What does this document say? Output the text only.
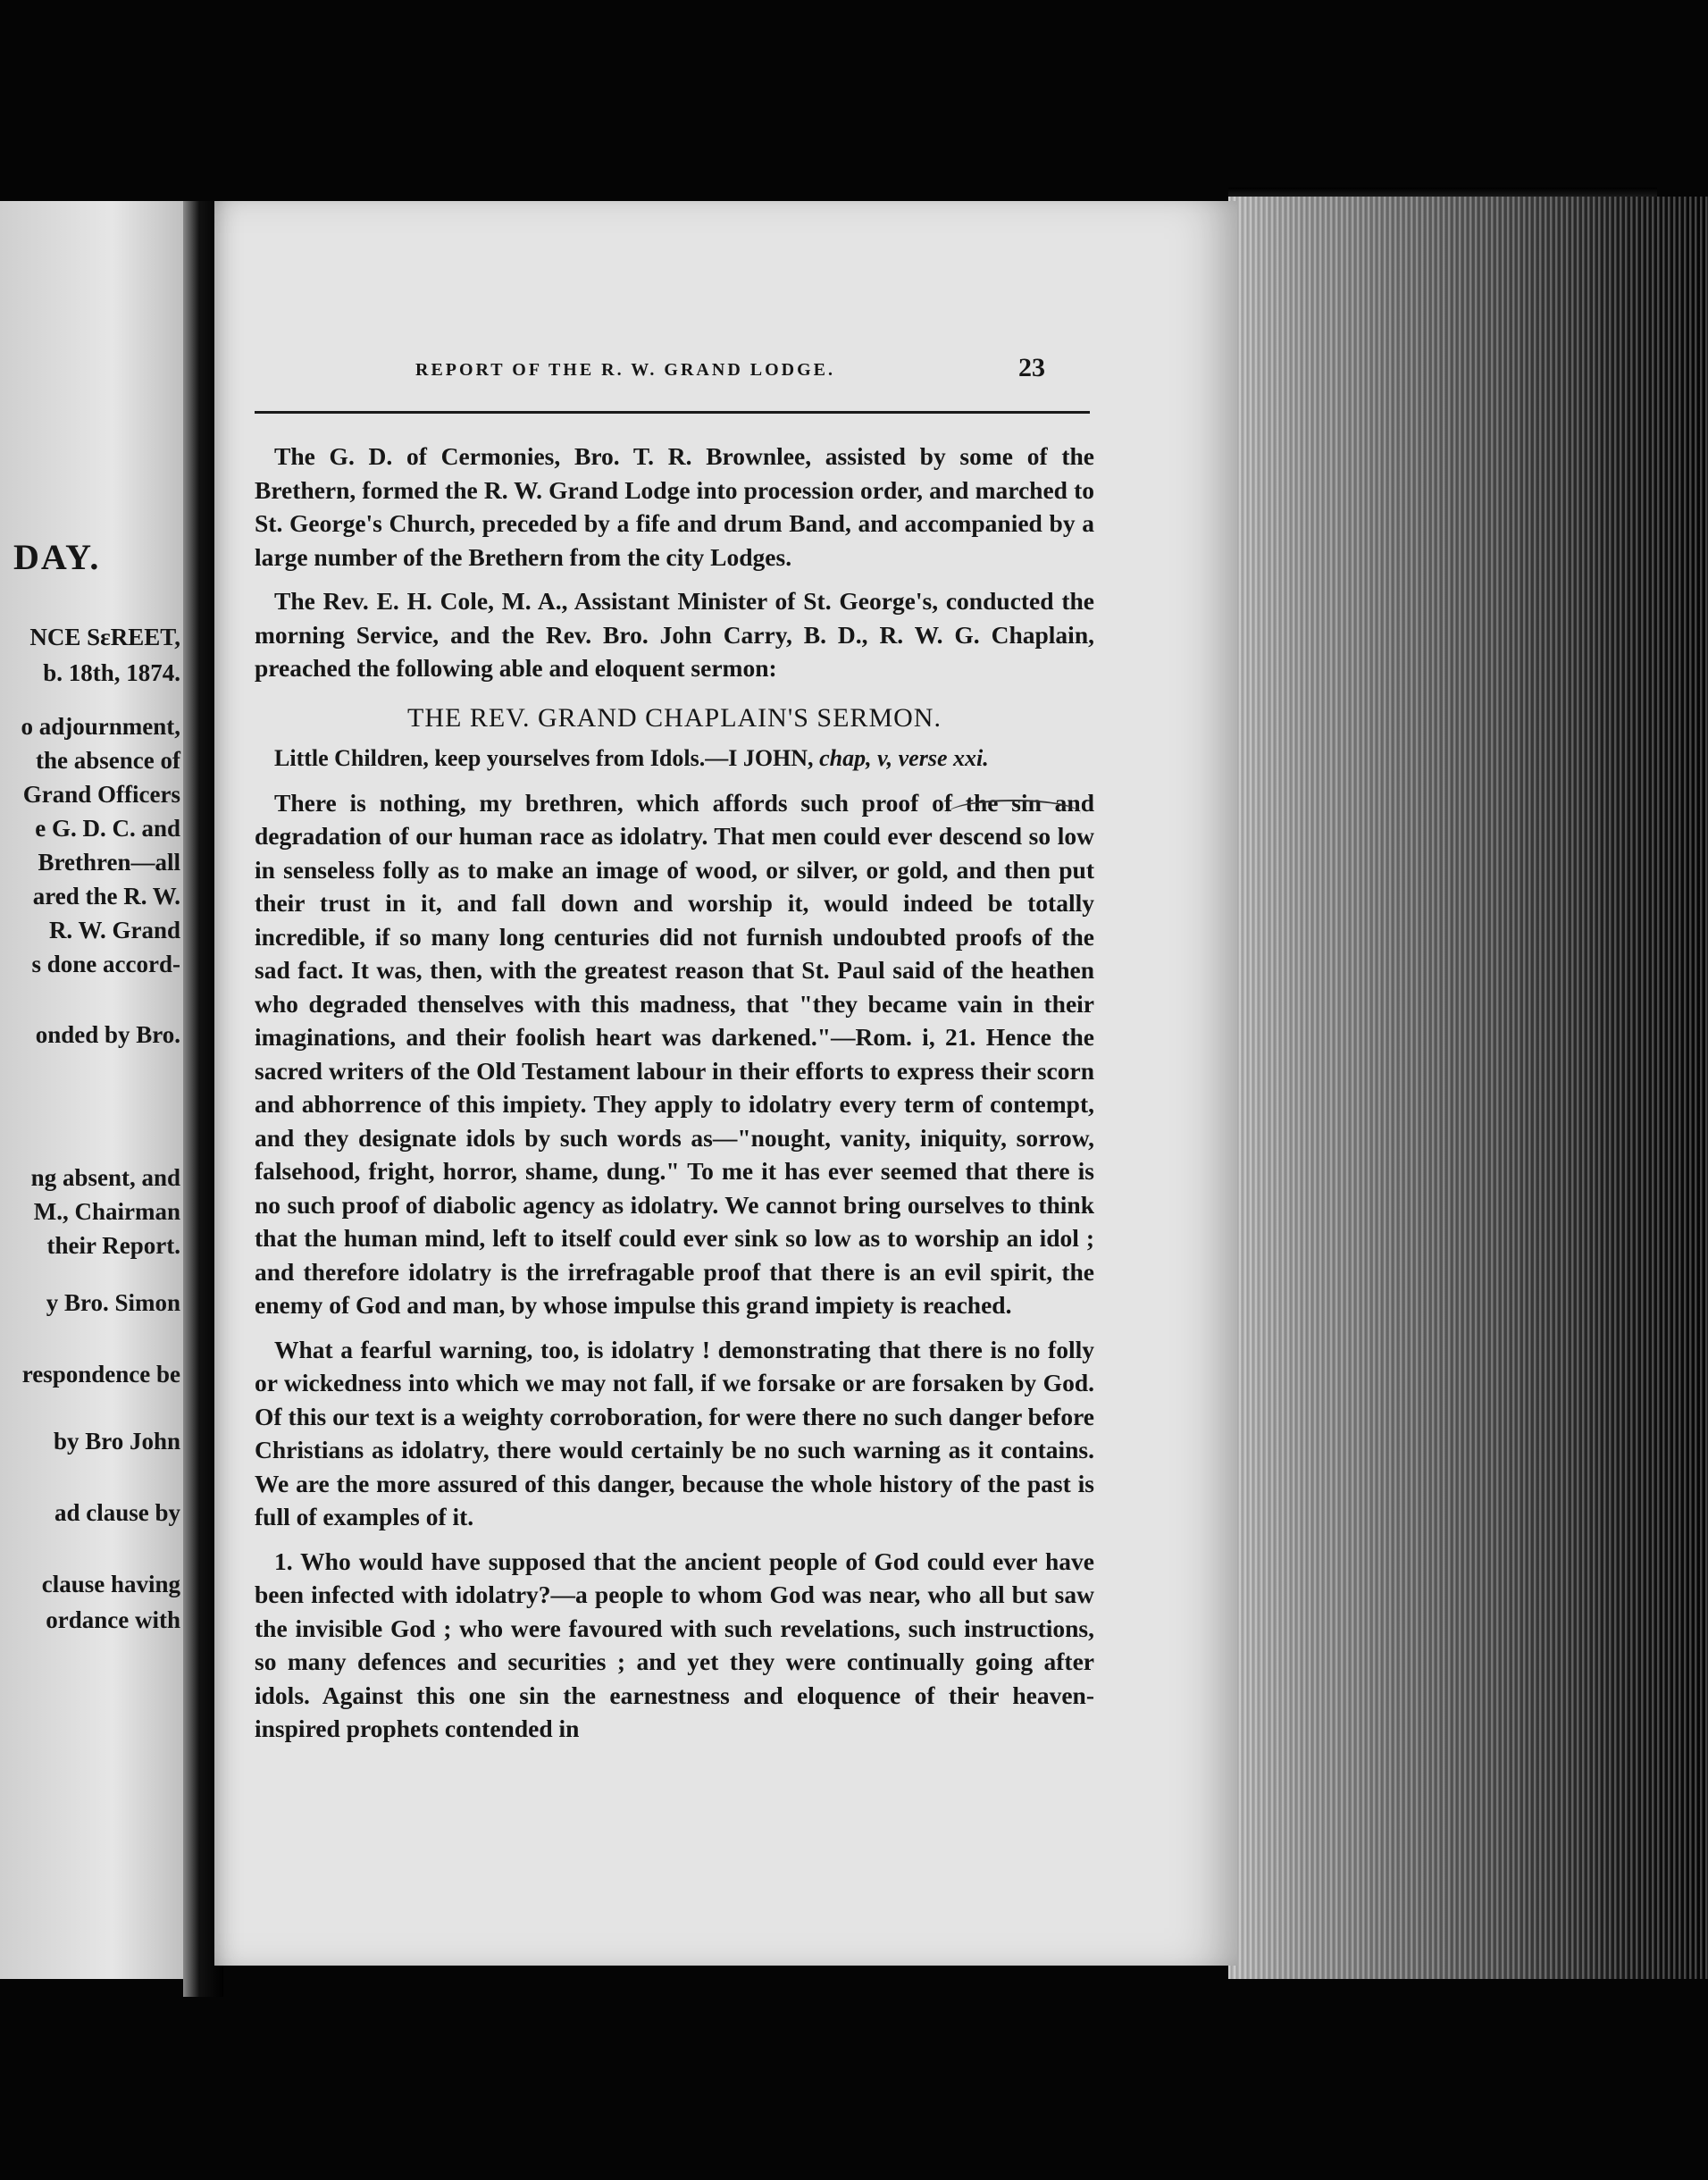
DAY.
NCE SɛREET,
b. 18th, 1874.
o adjournment,
the absence of
Grand Officers
e G. D. C. and
Brethren—all
ared the R. W.
R. W. Grand
s done accord-
onded by Bro.
ng absent, and
M., Chairman
their Report.
y Bro. Simon
respondence be
by Bro John
ad clause by
clause having
ordance with
REPORT OF THE R. W. GRAND LODGE.	23

The G. D. of Cermonies, Bro. T. R. Brownlee, assisted by some of the Brethern, formed the R. W. Grand Lodge into procession order, and marched to St. George's Church, preceded by a fife and drum Band, and accompanied by a large number of the Brethern from the city Lodges.

The Rev. E. H. Cole, M. A., Assistant Minister of St. George's, conducted the morning Service, and the Rev. Bro. John Carry, B. D., R. W. G. Chaplain, preached the following able and eloquent sermon:

THE REV. GRAND CHAPLAIN'S SERMON.

Little Children, keep yourselves from Idols.—I JOHN, chap, v, verse xxi.

There is nothing, my brethren, which affords such proof of the sin and degradation of our human race as idolatry. That men could ever descend so low in senseless folly as to make an image of wood, or silver, or gold, and then put their trust in it, and fall down and worship it, would indeed be totally incredible, if so many long centuries did not furnish undoubted proofs of the sad fact. It was, then, with the greatest reason that St. Paul said of the heathen who degraded thenselves with this madness, that "they became vain in their imaginations, and their foolish heart was darkened."—Rom. i, 21. Hence the sacred writers of the Old Testament labour in their efforts to express their scorn and abhorrence of this impiety. They apply to idolatry every term of contempt, and they designate idols by such words as—"nought, vanity, iniquity, sorrow, falsehood, fright, horror, shame, dung." To me it has ever seemed that there is no such proof of diabolic agency as idolatry. We cannot bring ourselves to think that the human mind, left to itself could ever sink so low as to worship an idol ; and therefore idolatry is the irrefragable proof that there is an evil spirit, the enemy of God and man, by whose impulse this grand impiety is reached.

What a fearful warning, too, is idolatry ! demonstrating that there is no folly or wickedness into which we may not fall, if we forsake or are forsaken by God. Of this our text is a weighty corroboration, for were there no such danger before Christians as idolatry, there would certainly be no such warning as it contains. We are the more assured of this danger, because the whole history of the past is full of examples of it.

1. Who would have supposed that the ancient people of God could ever have been infected with idolatry?—a people to whom God was near, who all but saw the invisible God ; who were favoured with such revelations, such instructions, so many defences and securities ; and yet they were continually going after idols. Against this one sin the earnestness and eloquence of their heaven-inspired prophets contended in
